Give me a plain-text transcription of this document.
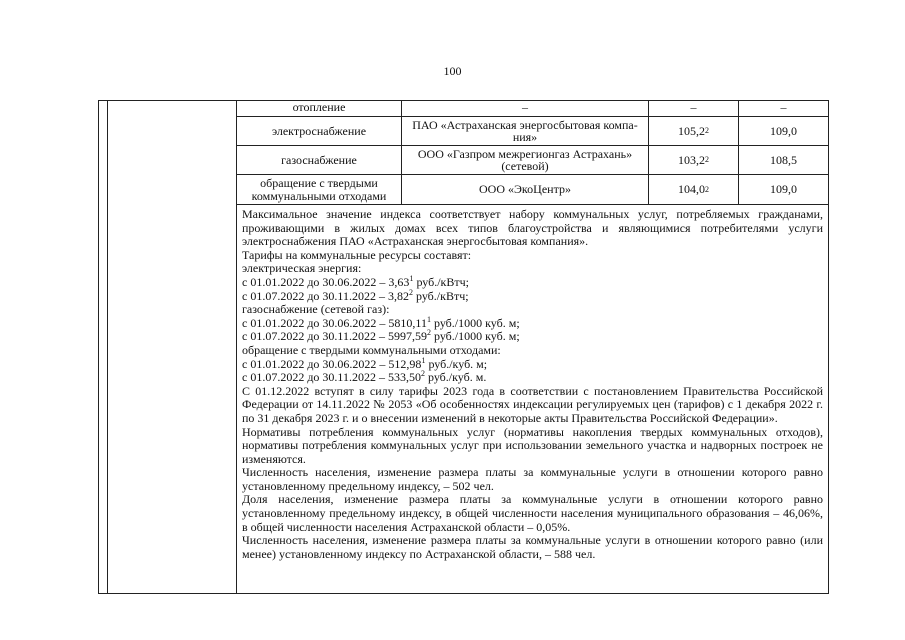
100
отопление	–	–	–
электроснабжение	ПАО «Астраханская энергосбытовая компа-ния»	105,2 2	109,0
газоснабжение	ООО «Газпром межрегионгаз Астрахань» (сетевой)	103,2 2	108,5
обращение с твердыми коммунальными отходами	ООО «ЭкоЦентр»	104,0 2	109,0

Максимальное значение индекса соответствует набору коммунальных услуг, потребляемых гражданами, проживающими в жилых домах всех типов благоустройства и являющимися потребителями услуги электроснабжения ПАО «Астраханская энергосбытовая компания».

Тарифы на коммунальные ресурсы составят:

электрическая энергия:

с 01.01.2022 до 30.06.2022 – 3,63$^1$ руб./кВтч;

с 01.07.2022 до 30.11.2022 – 3,82$^2$ руб./кВтч;

газоснабжение (сетевой газ):

с 01.01.2022 до 30.06.2022 – 5810,11$^1$ руб./1000 куб. м;

с 01.07.2022 до 30.11.2022 – 5997,59$^2$ руб./1000 куб. м;

обращение с твердыми коммунальными отходами:

с 01.01.2022 до 30.06.2022 – 512,98$^1$ руб./куб. м;

с 01.07.2022 до 30.11.2022 – 533,50$^2$ руб./куб. м.

С 01.12.2022 вступят в силу тарифы 2023 года в соответствии с постановлением Правительства Российской Федерации от 14.11.2022 № 2053 «Об особенностях индексации регулируемых цен (тарифов) с 1 декабря 2022 г. по 31 декабря 2023 г. и о внесении изменений в некоторые акты Правительства Российской Федерации».

Нормативы потребления коммунальных услуг (нормативы накопления твердых коммунальных отходов), нормативы потребления коммунальных услуг при использовании земельного участка и надворных построек не изменяются.

Численность населения, изменение размера платы за коммунальные услуги в отношении которого равно установленному предельному индексу, – 502 чел.

Доля населения, изменение размера платы за коммунальные услуги в отношении которого равно установленному предельному индексу, в общей численности населения муниципального образования – 46,06%, в общей численности населения Астраханской области – 0,05%.

Численность населения, изменение размера платы за коммунальные услуги в отношении которого равно (или менее) установленному индексу по Астраханской области, – 588 чел.
